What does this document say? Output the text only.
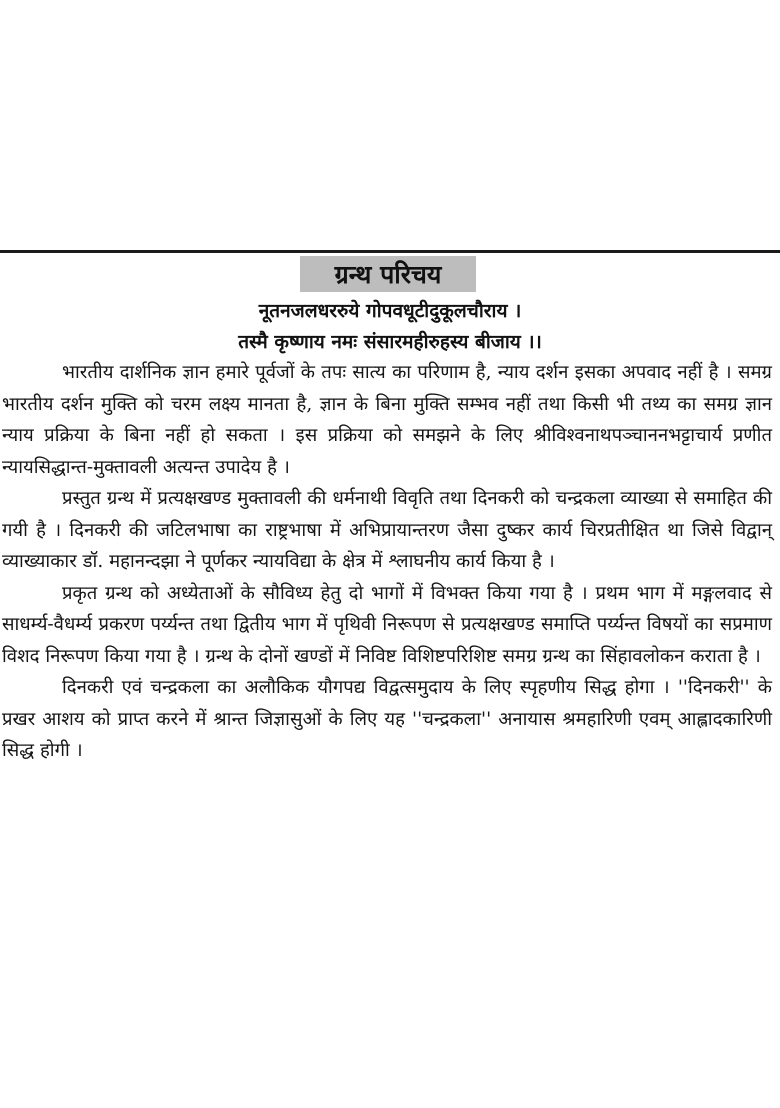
ग्रन्थ परिचय
नूतनजलधररुये गोपवधूटीदुकूलचौराय ।
तस्मै कृष्णाय नमः संसारमहीरुहस्य बीजाय ।।

भारतीय दार्शनिक ज्ञान हमारे पूर्वजों के तपः सात्य का परिणाम है, न्याय दर्शन इसका अपवाद नहीं है । समग्र भारतीय दर्शन मुक्ति को चरम लक्ष्य मानता है, ज्ञान के बिना मुक्ति सम्भव नहीं तथा किसी भी तथ्य का समग्र ज्ञान न्याय प्रक्रिया के बिना नहीं हो सकता । इस प्रक्रिया को समझने के लिए श्रीविश्वनाथपञ्चाननभट्टाचार्य प्रणीत न्यायसिद्धान्त-मुक्तावली अत्यन्त उपादेय है ।

प्रस्तुत ग्रन्थ में प्रत्यक्षखण्ड मुक्तावली की धर्मनाथी विवृति तथा दिनकरी को चन्द्रकला व्याख्या से समाहित की गयी है । दिनकरी की जटिलभाषा का राष्ट्रभाषा में अभिप्रायान्तरण जैसा दुष्कर कार्य चिरप्रतीक्षित था जिसे विद्वान् व्याख्याकार डॉ. महानन्दझा ने पूर्णकर न्यायविद्या के क्षेत्र में श्लाघनीय कार्य किया है ।

प्रकृत ग्रन्थ को अध्येताओं के सौविध्य हेतु दो भागों में विभक्त किया गया है । प्रथम भाग में मङ्गलवाद से साधर्म्य-वैधर्म्य प्रकरण पर्य्यन्त तथा द्वितीय भाग में पृथिवी निरूपण से प्रत्यक्षखण्ड समाप्ति पर्य्यन्त विषयों का सप्रमाण विशद निरूपण किया गया है । ग्रन्थ के दोनों खण्डों में निविष्ट विशिष्टपरिशिष्ट समग्र ग्रन्थ का सिंहावलोकन कराता है ।

दिनकरी एवं चन्द्रकला का अलौकिक यौगपद्य विद्वत्समुदाय के लिए स्पृहणीय सिद्ध होगा । ''दिनकरी'' के प्रखर आशय को प्राप्त करने में श्रान्त जिज्ञासुओं के लिए यह ''चन्द्रकला'' अनायास श्रमहारिणी एवम् आह्लादकारिणी सिद्ध होगी ।
